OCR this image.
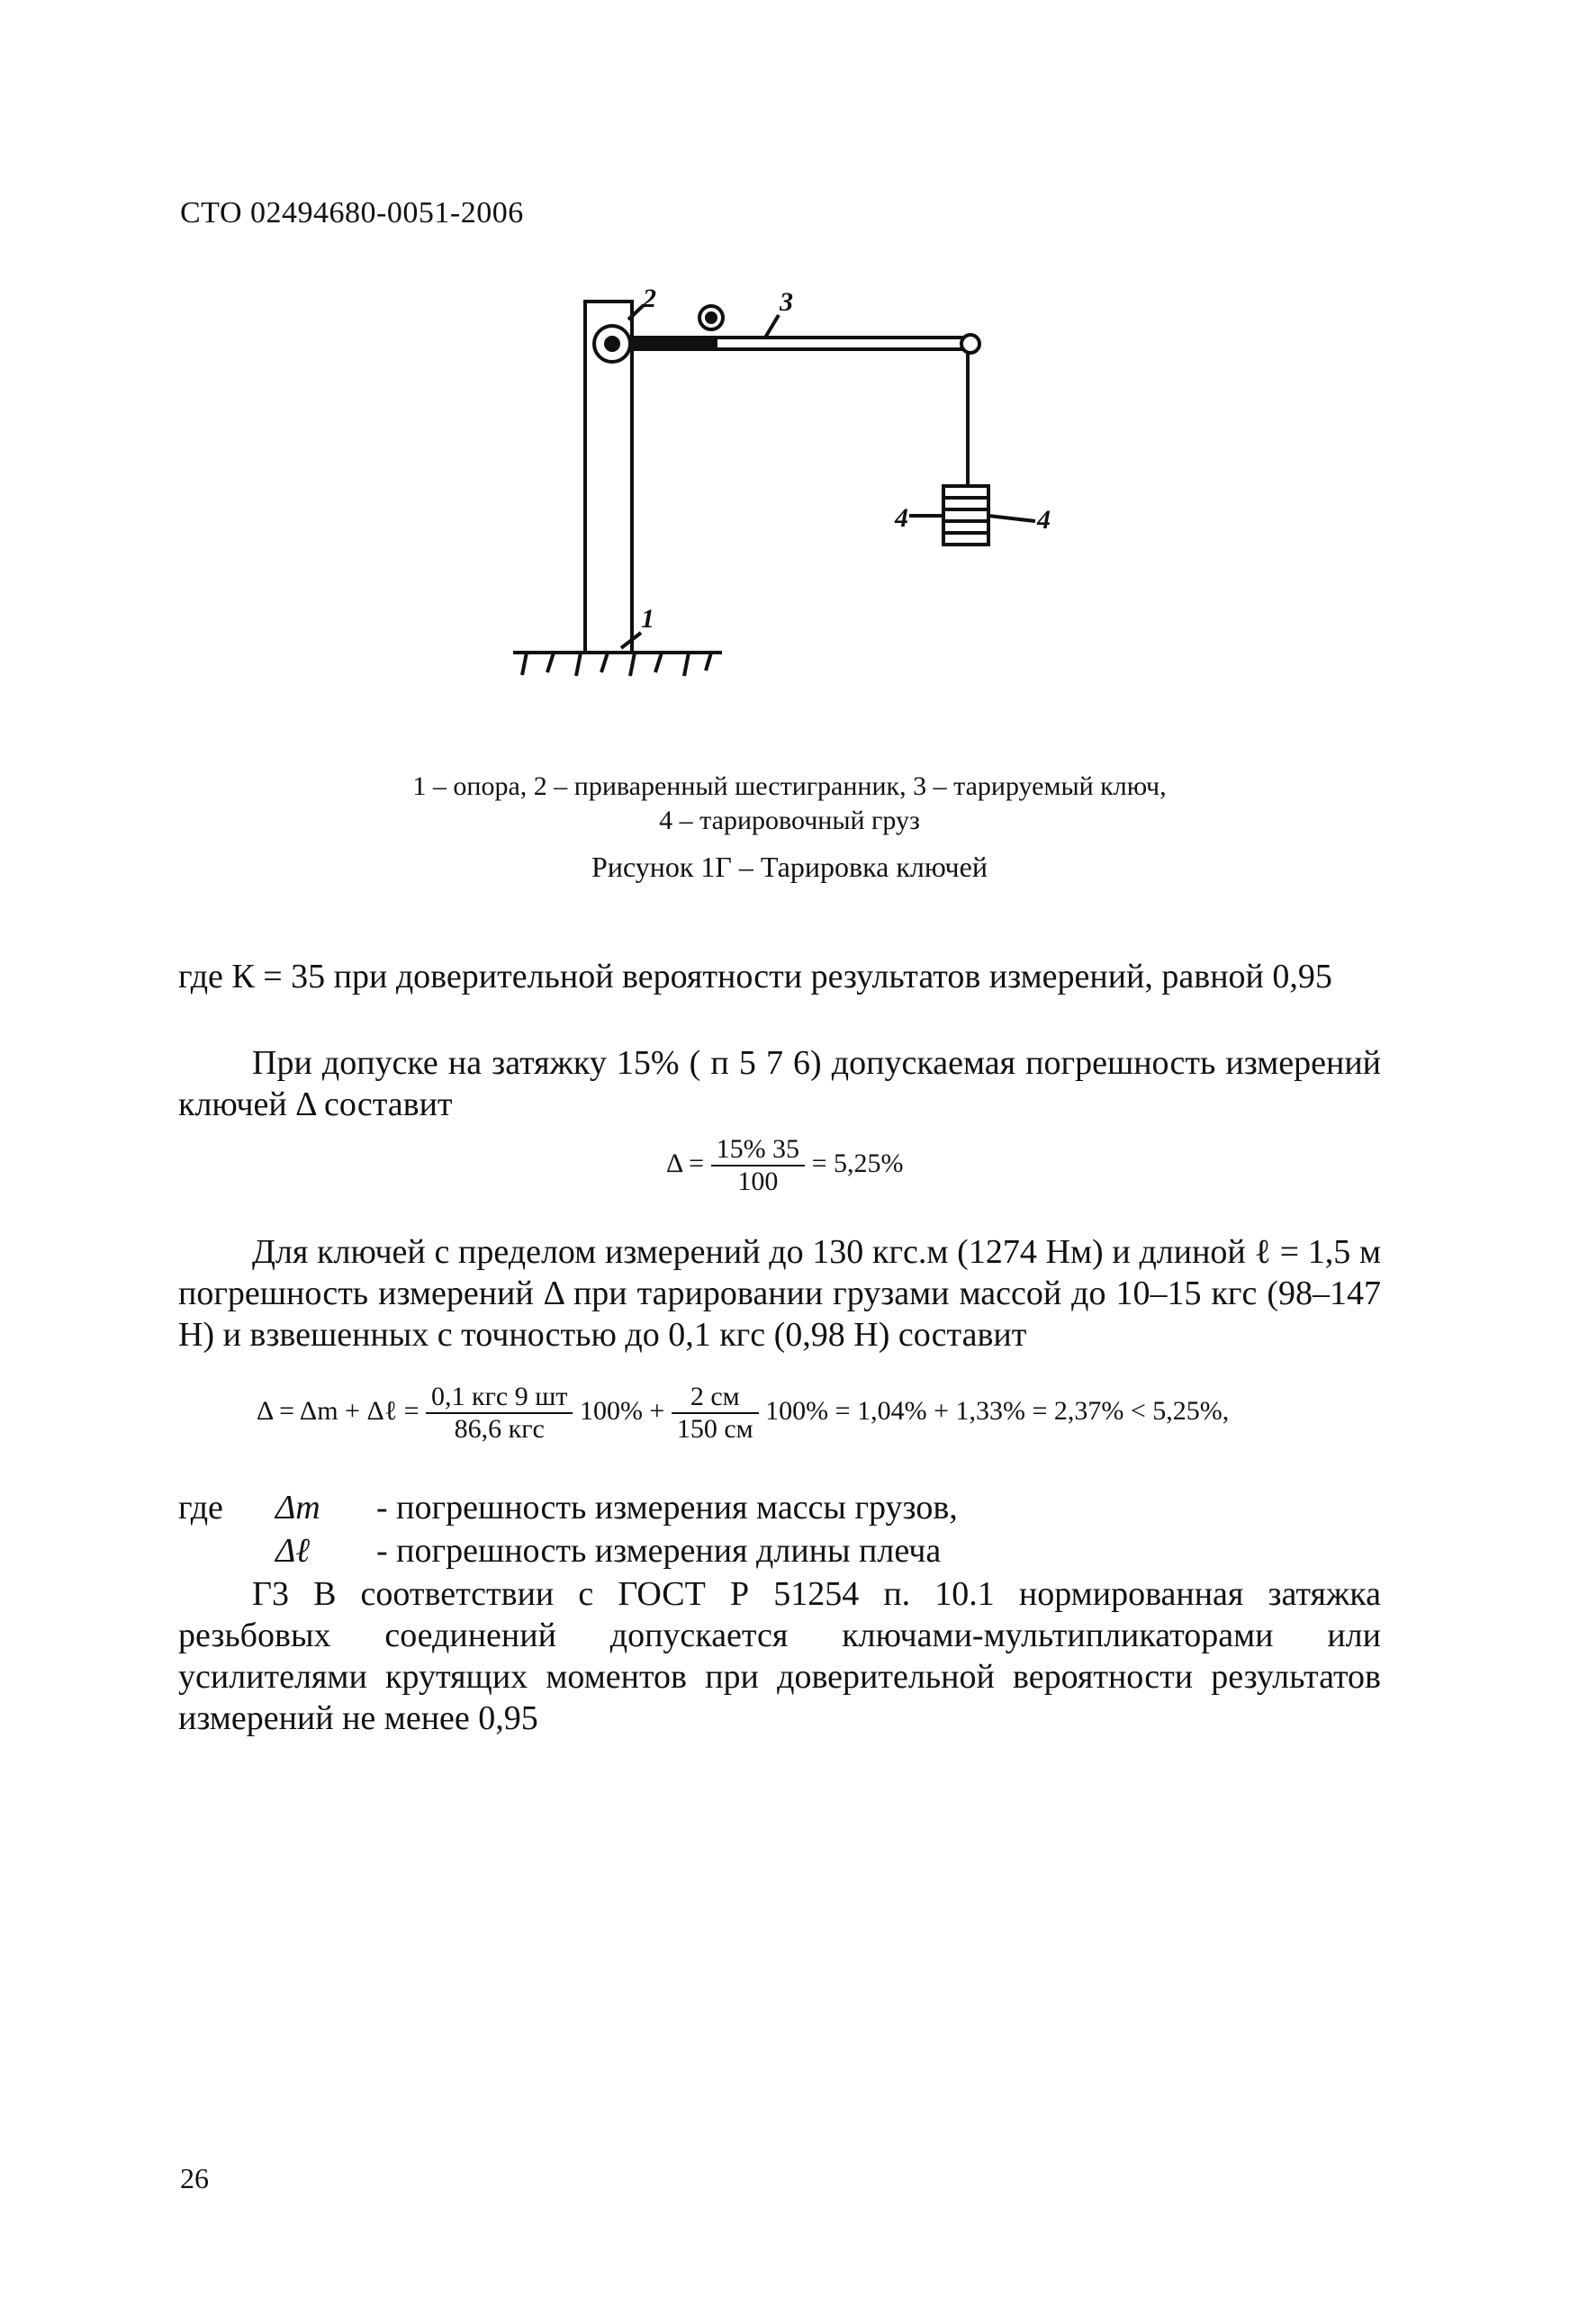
СТО 02494680-0051-2006
1
2	3
4	4
1 – опора, 2 – приваренный шестигранник, 3 – тарируемый ключ,
4 – тарировочный груз
Рисунок 1Г – Тарировка ключей
где К = 35 при доверительной вероятности результатов измерений, равной 0,95
При допуске на затяжку 15% ( п 5 7 6) допускаемая погрешность измерений ключей Δ составит
$\Delta = \frac{15\% 35}{100} = 5,25\%$
Для ключей с пределом измерений до 130 кгс.м (1274 Нм) и длиной ℓ = 1,5 м погрешность измерений Δ при тарировании грузами массой до 10–15 кгс (98–147 Н) и взвешенных с точностью до 0,1 кгс (0,98 Н) составит
Δ = Δm + Δℓ = $\frac{\text{0,1 кгс 9 шт}}{\text{86,6 кгс}} 100\% + \frac{2 см}{150 см} 100\% = 1,04\% + 1,33\% = 2,37\% < 5,25\%$,
где Δm - погрешность измерения массы грузов,
Δℓ - погрешность измерения длины плеча
Г3 В соответствии с ГОСТ Р 51254 п. 10.1 нормированная затяжка резьбовых соединений допускается ключами-мультипликаторами или усилителями крутящих моментов при доверительной вероятности результатов измерений не менее 0,95
26
